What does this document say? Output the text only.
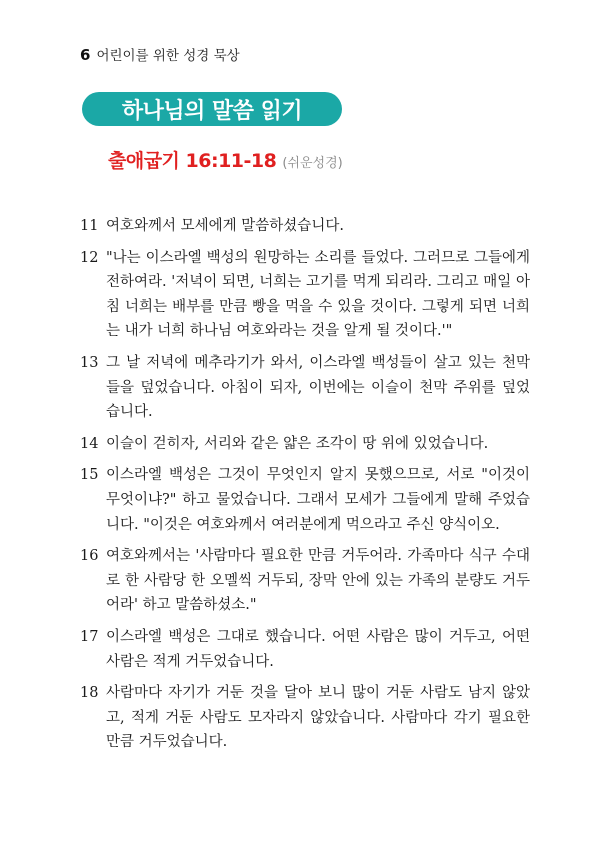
6 어린이를 위한 성경 묵상
하나님의 말씀 읽기
출애굽기 16:11-18 (쉬운성경)
11 여호와께서 모세에게 말씀하셨습니다.
12 "나는 이스라엘 백성의 원망하는 소리를 들었다. 그러므로 그들에게 전하여라. '저녁이 되면, 너희는 고기를 먹게 되리라. 그리고 매일 아침 너희는 배부를 만큼 빵을 먹을 수 있을 것이다. 그렇게 되면 너희는 내가 너희 하나님 여호와라는 것을 알게 될 것이다.'"
13 그 날 저녁에 메추라기가 와서, 이스라엘 백성들이 살고 있는 천막들을 덮었습니다. 아침이 되자, 이번에는 이슬이 천막 주위를 덮었습니다.
14 이슬이 걷히자, 서리와 같은 얇은 조각이 땅 위에 있었습니다.
15 이스라엘 백성은 그것이 무엇인지 알지 못했으므로, 서로 "이것이 무엇이냐?" 하고 물었습니다. 그래서 모세가 그들에게 말해 주었습니다. "이것은 여호와께서 여러분에게 먹으라고 주신 양식이오.
16 여호와께서는 '사람마다 필요한 만큼 거두어라. 가족마다 식구 수대로 한 사람당 한 오멜씩 거두되, 장막 안에 있는 가족의 분량도 거두어라' 하고 말씀하셨소."
17 이스라엘 백성은 그대로 했습니다. 어떤 사람은 많이 거두고, 어떤 사람은 적게 거두었습니다.
18 사람마다 자기가 거둔 것을 달아 보니 많이 거둔 사람도 남지 않았고, 적게 거둔 사람도 모자라지 않았습니다. 사람마다 각기 필요한 만큼 거두었습니다.
